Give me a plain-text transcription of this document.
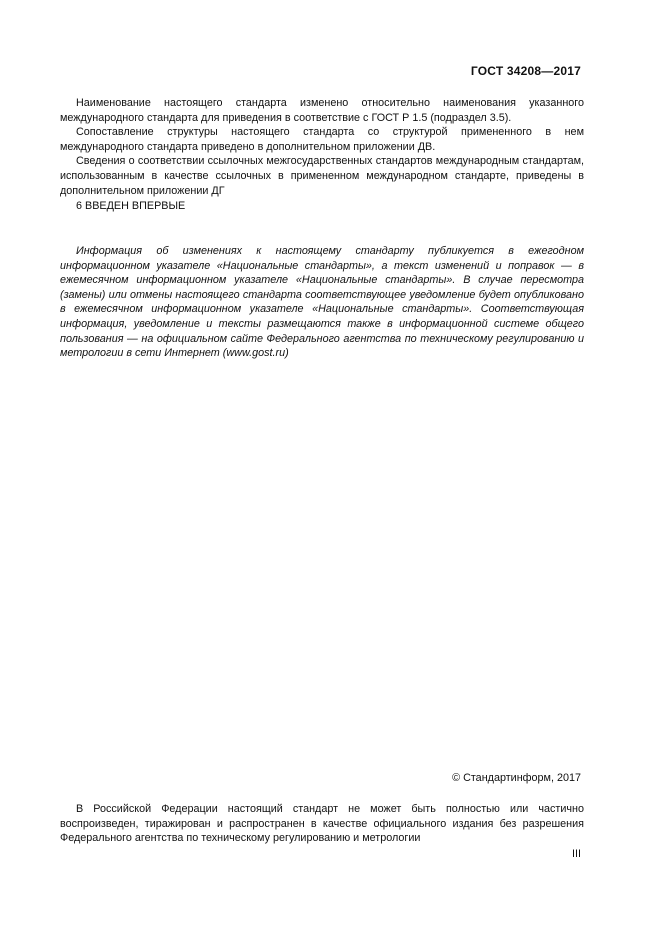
ГОСТ 34208—2017

Наименование настоящего стандарта изменено относительно наименования указанного международного стандарта для приведения в соответствие с ГОСТ Р 1.5 (подраздел 3.5).

Сопоставление структуры настоящего стандарта со структурой примененного в нем международного стандарта приведено в дополнительном приложении ДВ.

Сведения о соответствии ссылочных межгосударственных стандартов международным стандартам, использованным в качестве ссылочных в примененном международном стандарте, приведены в дополнительном приложении ДГ

6 ВВЕДЕН ВПЕРВЫЕ

Информация об изменениях к настоящему стандарту публикуется в ежегодном информационном указателе «Национальные стандарты», а текст изменений и поправок — в ежемесячном информационном указателе «Национальные стандарты». В случае пересмотра (замены) или отмены настоящего стандарта соответствующее уведомление будет опубликовано в ежемесячном информационном указателе «Национальные стандарты». Соответствующая информация, уведомление и тексты размещаются также в информационной системе общего пользования — на официальном сайте Федерального агентства по техническому регулированию и метрологии в сети Интернет (www.gost.ru)

© Стандартинформ, 2017

В Российской Федерации настоящий стандарт не может быть полностью или частично воспроизведен, тиражирован и распространен в качестве официального издания без разрешения Федерального агентства по техническому регулированию и метрологии

III
